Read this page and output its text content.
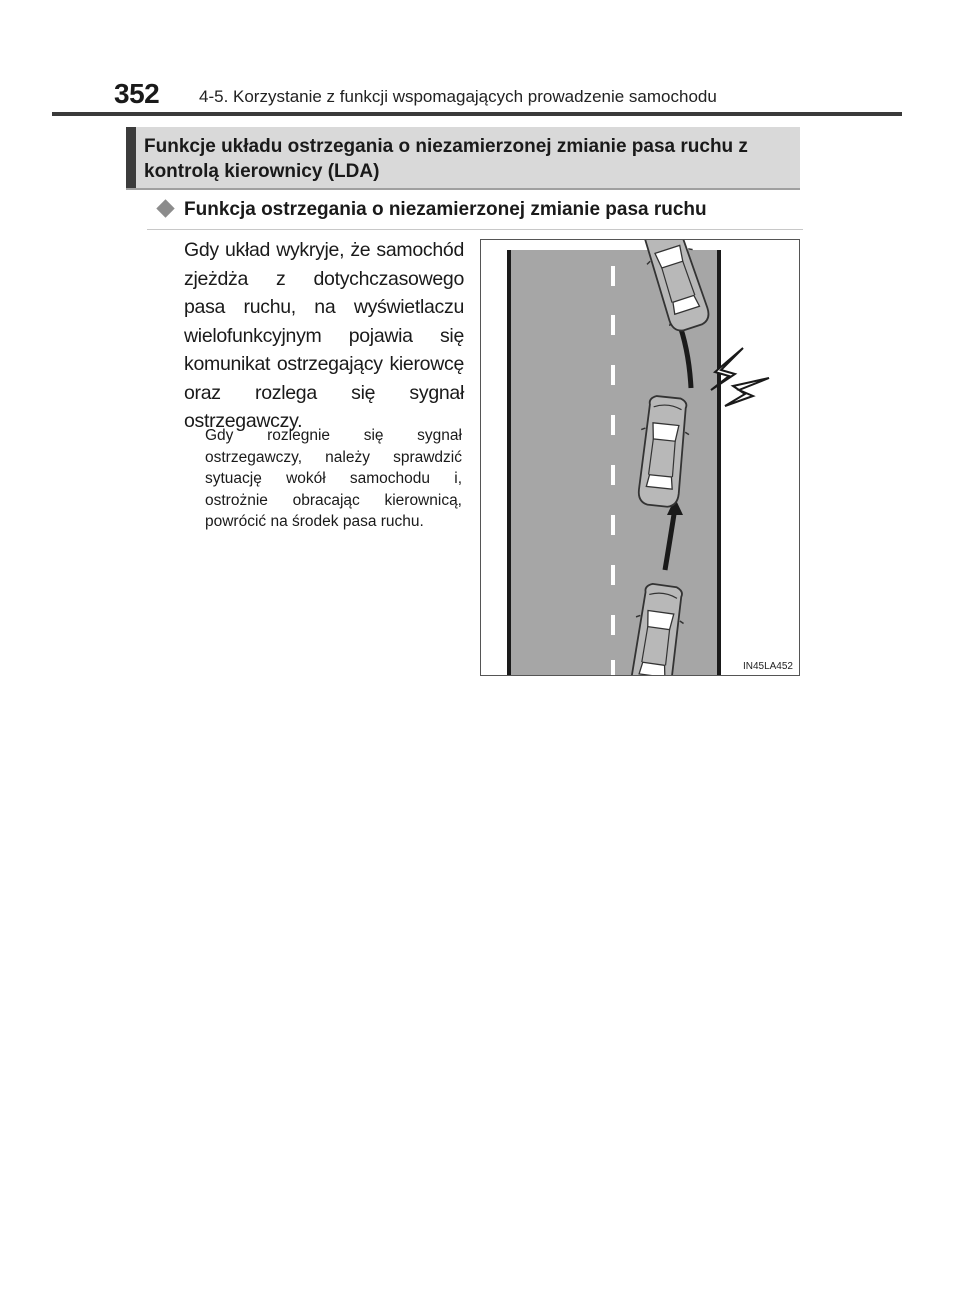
352 4-5. Korzystanie z funkcji wspomagających prowadzenie samochodu
Funkcje układu ostrzegania o niezamierzonej zmianie pasa ruchu z kontrolą kierownicy (LDA)
Funkcja ostrzegania o niezamierzonej zmianie pasa ruchu
Gdy układ wykryje, że samochód zjeżdża z dotychczasowego pasa ruchu, na wyświetlaczu wielofunkcyjnym pojawia się komunikat ostrzegający kierowcę oraz rozlega się sygnał ostrzegawczy.
Gdy rozlegnie się sygnał ostrzegawczy, należy sprawdzić sytuację wokół samochodu i, ostrożnie obracając kierownicą, powrócić na środek pasa ruchu.
IN45LA452
